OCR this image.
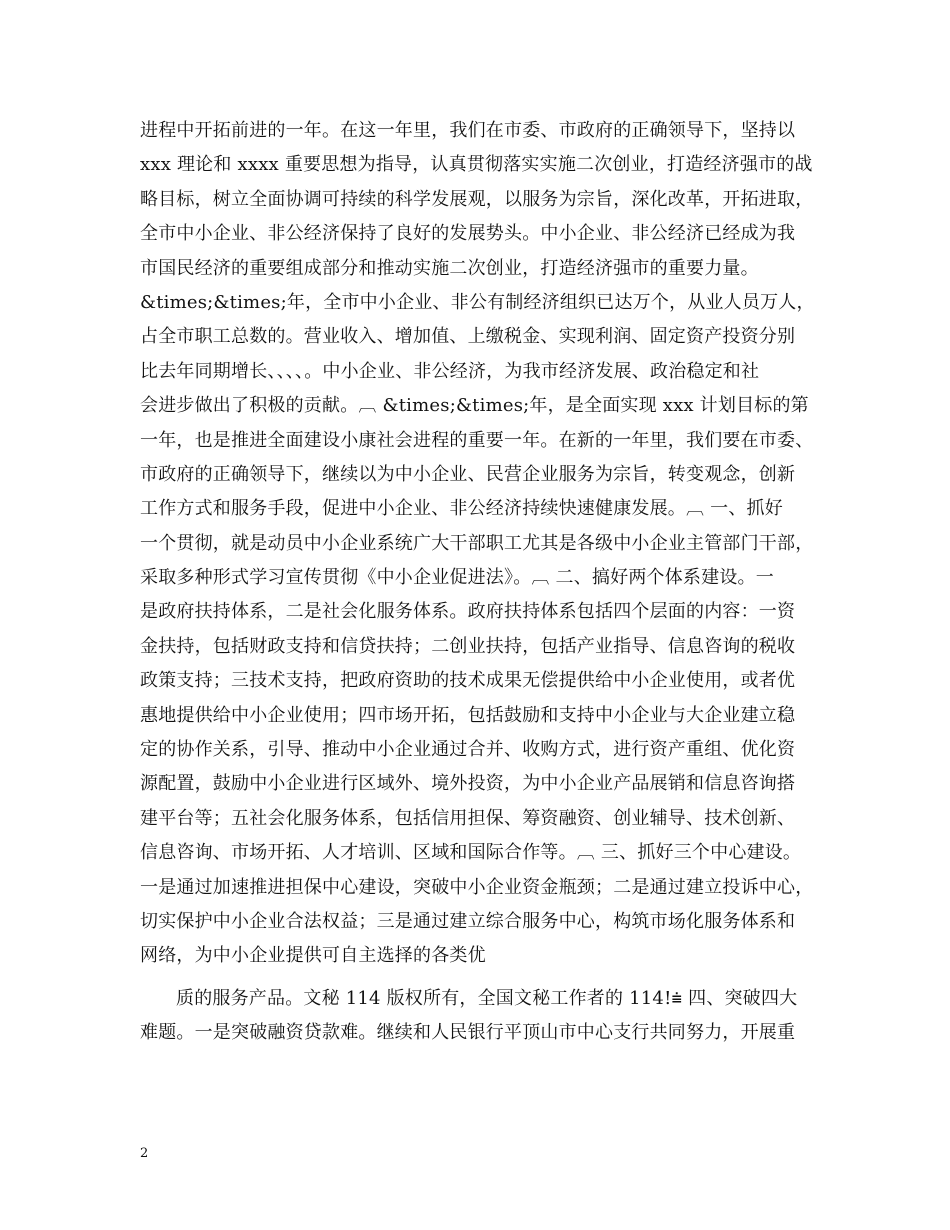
进程中开拓前进的一年。在这一年里，我们在市委、市政府的正确领导下，坚持以
xxx 理论和 xxxx 重要思想为指导，认真贯彻落实实施二次创业，打造经济强市的战
略目标，树立全面协调可持续的科学发展观，以服务为宗旨，深化改革，开拓进取，
全市中小企业、非公经济保持了良好的发展势头。中小企业、非公经济已经成为我
市国民经济的重要组成部分和推动实施二次创业，打造经济强市的重要力量。
&times;&times;年，全市中小企业、非公有制经济组织已达万个，从业人员万人，
占全市职工总数的。营业收入、增加值、上缴税金、实现利润、固定资产投资分别
比去年同期增长、、、、。中小企业、非公经济，为我市经济发展、政治稳定和社
会进步做出了积极的贡献。︹ &times;&times;年，是全面实现 xxx 计划目标的第
一年，也是推进全面建设小康社会进程的重要一年。在新的一年里，我们要在市委、
市政府的正确领导下，继续以为中小企业、民营企业服务为宗旨，转变观念，创新
工作方式和服务手段，促进中小企业、非公经济持续快速健康发展。︹ 一、抓好
一个贯彻，就是动员中小企业系统广大干部职工尤其是各级中小企业主管部门干部，
采取多种形式学习宣传贯彻《中小企业促进法》。︹ 二、搞好两个体系建设。一
是政府扶持体系，二是社会化服务体系。政府扶持体系包括四个层面的内容：一资
金扶持，包括财政支持和信贷扶持；二创业扶持，包括产业指导、信息咨询的税收
政策支持；三技术支持，把政府资助的技术成果无偿提供给中小企业使用，或者优
惠地提供给中小企业使用；四市场开拓，包括鼓励和支持中小企业与大企业建立稳
定的协作关系，引导、推动中小企业通过合并、收购方式，进行资产重组、优化资
源配置，鼓励中小企业进行区域外、境外投资，为中小企业产品展销和信息咨询搭
建平台等；五社会化服务体系，包括信用担保、筹资融资、创业辅导、技术创新、
信息咨询、市场开拓、人才培训、区域和国际合作等。︹ 三、抓好三个中心建设。
一是通过加速推进担保中心建设，突破中小企业资金瓶颈；二是通过建立投诉中心，
切实保护中小企业合法权益；三是通过建立综合服务中心，构筑市场化服务体系和
网络，为中小企业提供可自主选择的各类优
质的服务产品。文秘 114 版权所有，全国文秘工作者的 114!⩧ 四、突破四大
难题。一是突破融资贷款难。继续和人民银行平顶山市中心支行共同努力，开展重
2
